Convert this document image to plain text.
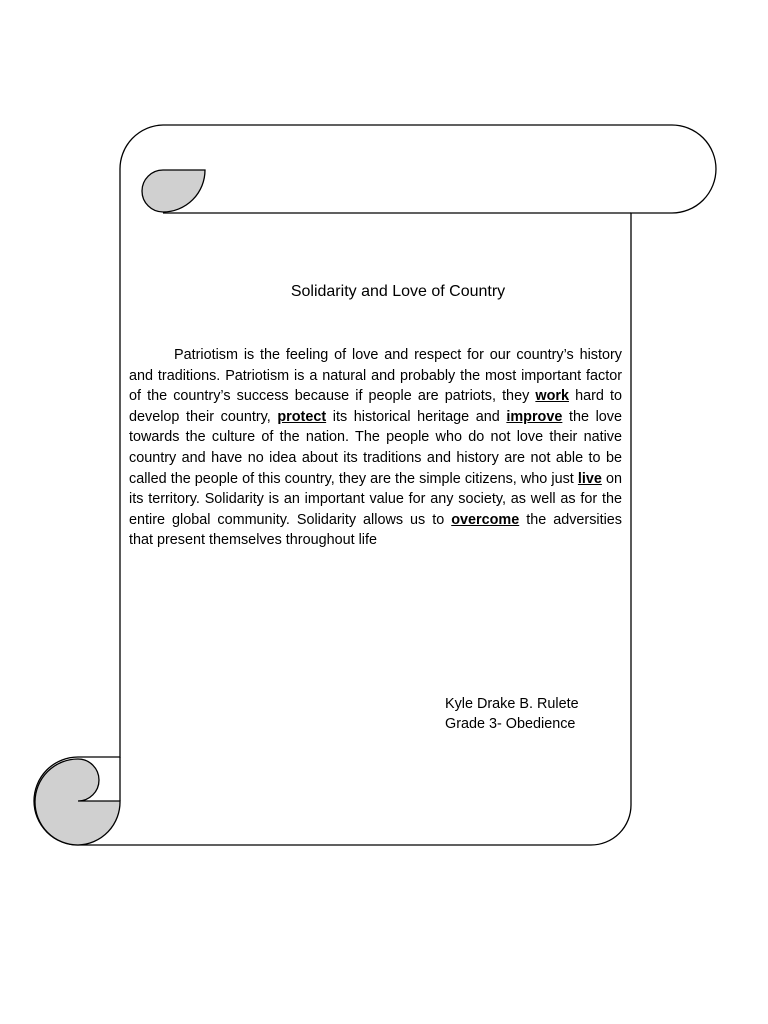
Solidarity and Love of Country

Patriotism is the feeling of love and respect for our country’s history and traditions. Patriotism is a natural and probably the most important factor of the country’s success because if people are patriots, they work hard to develop their country, protect its historical heritage and improve the love towards the culture of the nation. The people who do not love their native country and have no idea about its traditions and history are not able to be called the people of this country, they are the simple citizens, who just live on its territory. Solidarity is an important value for any society, as well as for the entire global community. Solidarity allows us to overcome the adversities that present themselves throughout life

Kyle Drake B. Rulete
Grade 3- Obedience
